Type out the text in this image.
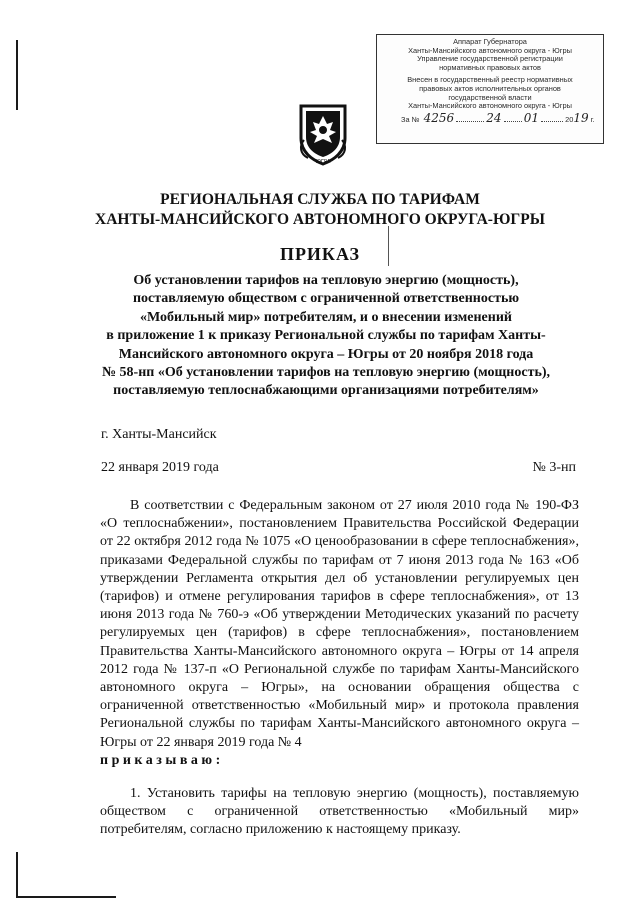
Аппарат Губернатора
Ханты-Мансийского автономного округа - Югры
Управление государственной регистрации
нормативных правовых актов
Внесен в государственный реестр нормативных
правовых актов исполнительных органов
государственной власти
Ханты-Мансийского автономного округа - Югры
За № 4256	24 01	2019 г.
ЮГРА
РЕГИОНАЛЬНАЯ СЛУЖБА ПО ТАРИФАМ
ХАНТЫ-МАНСИЙСКОГО АВТОНОМНОГО ОКРУГА-ЮГРЫ
ПРИКАЗ
Об установлении тарифов на тепловую энергию (мощность),
поставляемую обществом с ограниченной ответственностью
«Мобильный мир» потребителям, и о внесении изменений
в приложение 1 к приказу Региональной службы по тарифам Ханты-
Мансийского автономного округа – Югры от 20 ноября 2018 года
№ 58-нп «Об установлении тарифов на тепловую энергию (мощность),
поставляемую теплоснабжающими организациями потребителям»
г. Ханты-Мансийск
22 января 2019 года	№ 3-нп

В соответствии с Федеральным законом от 27 июля 2010 года № 190-ФЗ «О теплоснабжении», постановлением Правительства Российской Федерации от 22 октября 2012 года № 1075 «О ценообразовании в сфере теплоснабжения», приказами Федеральной службы по тарифам от 7 июня 2013 года № 163 «Об утверждении Регламента открытия дел об установлении регулируемых цен (тарифов) и отмене регулирования тарифов в сфере теплоснабжения», от 13 июня 2013 года № 760-э «Об утверждении Методических указаний по расчету регулируемых цен (тарифов) в сфере теплоснабжения», постановлением Правительства Ханты-Мансийского автономного округа – Югры от 14 апреля 2012 года № 137-п «О Региональной службе по тарифам Ханты-Мансийского автономного округа – Югры», на основании обращения общества с ограниченной ответственностью «Мобильный мир» и протокола правления Региональной службы по тарифам Ханты-Мансийского автономного округа – Югры от 22 января 2019 года № 4

приказываю:

1. Установить тарифы на тепловую энергию (мощность), поставляемую обществом с ограниченной ответственностью «Мобильный мир» потребителям, согласно приложению к настоящему приказу.
